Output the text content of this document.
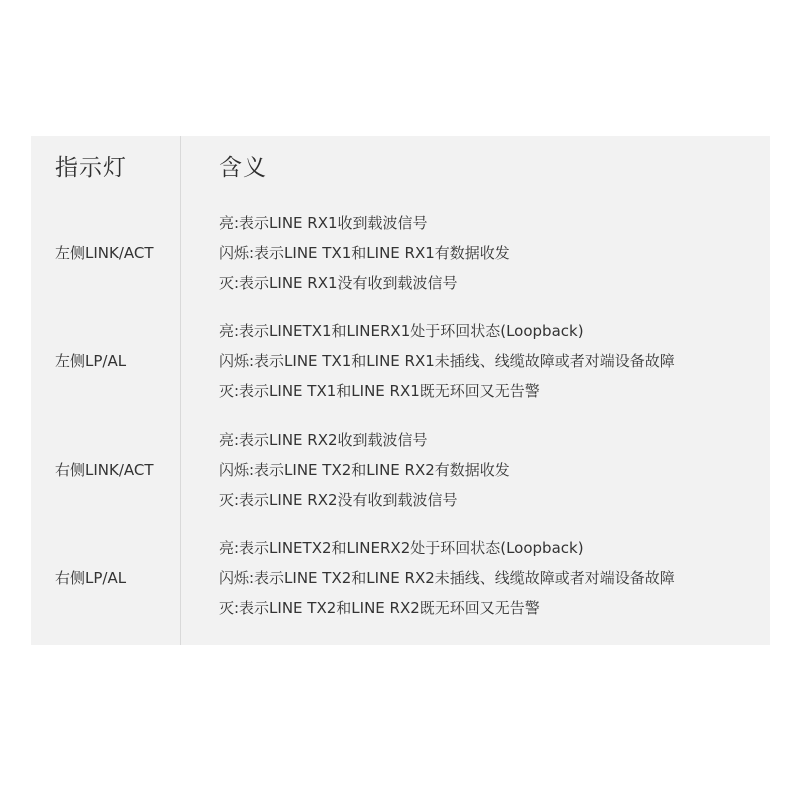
指示灯	含义
左侧LINK/ACT
亮:表示LINE RX1收到载波信号
闪烁:表示LINE TX1和LINE RX1有数据收发
灭:表示LINE RX1没有收到载波信号
左侧LP/AL
亮:表示LINETX1和LINERX1处于环回状态(Loopback)
闪烁:表示LINE TX1和LINE RX1未插线、线缆故障或者对端设备故障
灭:表示LINE TX1和LINE RX1既无环回又无告警
右侧LINK/ACT
亮:表示LINE RX2收到载波信号
闪烁:表示LINE TX2和LINE RX2有数据收发
灭:表示LINE RX2没有收到载波信号
右侧LP/AL
亮:表示LINETX2和LINERX2处于环回状态(Loopback)
闪烁:表示LINE TX2和LINE RX2未插线、线缆故障或者对端设备故障
灭:表示LINE TX2和LINE RX2既无环回又无告警
